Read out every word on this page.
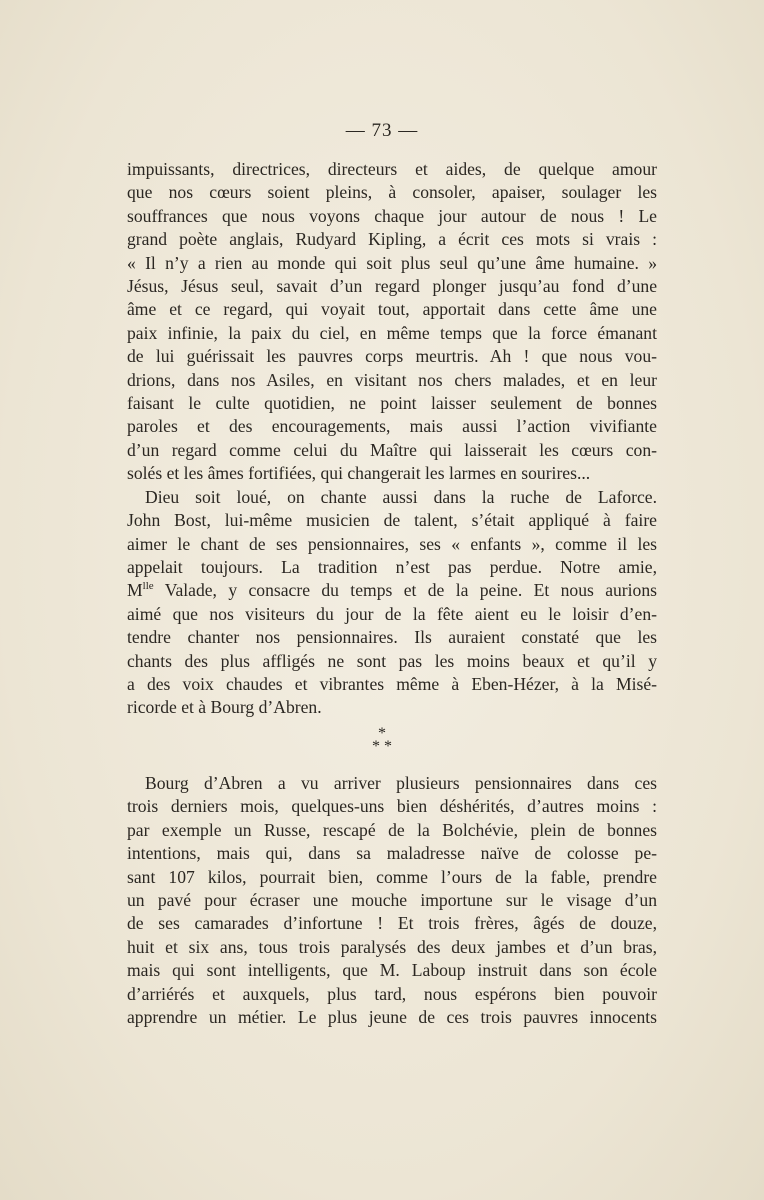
— 73 —
impuissants, directrices, directeurs et aides, de quelque amour
que nos cœurs soient pleins, à consoler, apaiser, soulager les
souffrances que nous voyons chaque jour autour de nous ! Le
grand poète anglais, Rudyard Kipling, a écrit ces mots si vrais :
« Il n’y a rien au monde qui soit plus seul qu’une âme humaine. »
Jésus, Jésus seul, savait d’un regard plonger jusqu’au fond d’une
âme et ce regard, qui voyait tout, apportait dans cette âme une
paix infinie, la paix du ciel, en même temps que la force émanant
de lui guérissait les pauvres corps meurtris. Ah ! que nous vou-
drions, dans nos Asiles, en visitant nos chers malades, et en leur
faisant le culte quotidien, ne point laisser seulement de bonnes
paroles et des encouragements, mais aussi l’action vivifiante
d’un regard comme celui du Maître qui laisserait les cœurs con-
solés et les âmes fortifiées, qui changerait les larmes en sourires...
Dieu soit loué, on chante aussi dans la ruche de Laforce.
John Bost, lui-même musicien de talent, s’était appliqué à faire
aimer le chant de ses pensionnaires, ses « enfants », comme il les
appelait toujours. La tradition n’est pas perdue. Notre amie,
$M^{lle}$ Valade, y consacre du temps et de la peine. Et nous aurions
aimé que nos visiteurs du jour de la fête aient eu le loisir d’en-
tendre chanter nos pensionnaires. Ils auraient constaté que les
chants des plus affligés ne sont pas les moins beaux et qu’il y
a des voix chaudes et vibrantes même à Eben-Hézer, à la Misé-
ricorde et à Bourg d’Abren.
*
* *
Bourg d’Abren a vu arriver plusieurs pensionnaires dans ces
trois derniers mois, quelques-uns bien déshérités, d’autres moins :
par exemple un Russe, rescapé de la Bolchévie, plein de bonnes
intentions, mais qui, dans sa maladresse naïve de colosse pe-
sant 107 kilos, pourrait bien, comme l’ours de la fable, prendre
un pavé pour écraser une mouche importune sur le visage d’un
de ses camarades d’infortune ! Et trois frères, âgés de douze,
huit et six ans, tous trois paralysés des deux jambes et d’un bras,
mais qui sont intelligents, que M. Laboup instruit dans son école
d’arriérés et auxquels, plus tard, nous espérons bien pouvoir
apprendre un métier. Le plus jeune de ces trois pauvres innocents
